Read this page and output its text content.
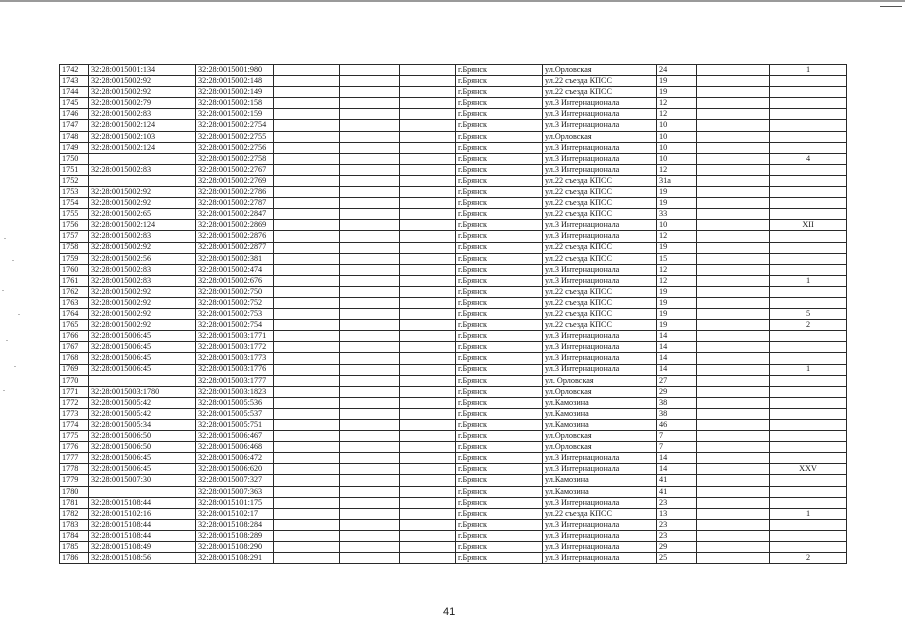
1742	32:28:0015001:134	32:28:0015001:980				г.Брянск	ул.Орловская	24		1
1743	32:28:0015002:92	32:28:0015002:148				г.Брянск	ул.22 съезда КПСС	19		
1744	32:28:0015002:92	32:28:0015002:149				г.Брянск	ул.22 съезда КПСС	19		
1745	32:28:0015002:79	32:28:0015002:158				г.Брянск	ул.3 Интернационала	12		
1746	32:28:0015002:83	32:28:0015002:159				г.Брянск	ул.3 Интернационала	12		
1747	32:28:0015002:124	32:28:0015002:2754				г.Брянск	ул.3 Интернационала	10		
1748	32:28:0015002:103	32:28:0015002:2755				г.Брянск	ул.Орловская	10		
1749	32:28:0015002:124	32:28:0015002:2756				г.Брянск	ул.3 Интернационала	10		
1750		32:28:0015002:2758				г.Брянск	ул.3 Интернационала	10		4
1751	32:28:0015002:83	32:28:0015002:2767				г.Брянск	ул.3 Интернационала	12		
1752		32:28:0015002:2769				г.Брянск	ул.22 съезда КПСС	31а		
1753	32:28:0015002:92	32:28:0015002:2786				г.Брянск	ул.22 съезда КПСС	19		
1754	32:28:0015002:92	32:28:0015002:2787				г.Брянск	ул.22 съезда КПСС	19		
1755	32:28:0015002:65	32:28:0015002:2847				г.Брянск	ул.22 съезда КПСС	33		
1756	32:28:0015002:124	32:28:0015002:2869				г.Брянск	ул.3 Интернационала	10		XII
1757	32:28:0015002:83	32:28:0015002:2876				г.Брянск	ул.3 Интернационала	12		
1758	32:28:0015002:92	32:28:0015002:2877				г.Брянск	ул.22 съезда КПСС	19		
1759	32:28:0015002:56	32:28:0015002:381				г.Брянск	ул.22 съезда КПСС	15		
1760	32:28:0015002:83	32:28:0015002:474				г.Брянск	ул.3 Интернационала	12		
1761	32:28:0015002:83	32:28:0015002:676				г.Брянск	ул.3 Интернационала	12		1
1762	32:28:0015002:92	32:28:0015002:750				г.Брянск	ул.22 съезда КПСС	19		
1763	32:28:0015002:92	32:28:0015002:752				г.Брянск	ул.22 съезда КПСС	19		
1764	32:28:0015002:92	32:28:0015002:753				г.Брянск	ул.22 съезда КПСС	19		5
1765	32:28:0015002:92	32:28:0015002:754				г.Брянск	ул.22 съезда КПСС	19		2
1766	32:28:0015006:45	32:28:0015003:1771				г.Брянск	ул.3 Интернационала	14		
1767	32:28:0015006:45	32:28:0015003:1772				г.Брянск	ул.3 Интернационала	14		
1768	32:28:0015006:45	32:28:0015003:1773				г.Брянск	ул.3 Интернационала	14		
1769	32:28:0015006:45	32:28:0015003:1776				г.Брянск	ул.3 Интернационала	14		1
1770		32:28:0015003:1777				г.Брянск	ул. Орловская	27		
1771	32:28:0015003:1780	32:28:0015003:1823				г.Брянск	ул.Орловская	29		
1772	32:28:0015005:42	32:28:0015005:536				г.Брянск	ул.Камозина	38		
1773	32:28:0015005:42	32:28:0015005:537				г.Брянск	ул.Камозина	38		
1774	32:28:0015005:34	32:28:0015005:751				г.Брянск	ул.Камозина	46		
1775	32:28:0015006:50	32:28:0015006:467				г.Брянск	ул.Орловская	7		
1776	32:28:0015006:50	32:28:0015006:468				г.Брянск	ул.Орловская	7		
1777	32:28:0015006:45	32:28:0015006:472				г.Брянск	ул.3 Интернационала	14		
1778	32:28:0015006:45	32:28:0015006:620				г.Брянск	ул.3 Интернационала	14		XXV
1779	32:28:0015007:30	32:28:0015007:327				г.Брянск	ул.Камозина	41		
1780		32:28:0015007:363				г.Брянск	ул.Камозина	41		
1781	32:28:0015108:44	32:28:0015101:175				г.Брянск	ул.3 Интернационала	23		
1782	32:28:0015102:16	32:28:0015102:17				г.Брянск	ул.22 съезда КПСС	13		1
1783	32:28:0015108:44	32:28:0015108:284				г.Брянск	ул.3 Интернационала	23		
1784	32:28:0015108:44	32:28:0015108:289				г.Брянск	ул.3 Интернационала	23		
1785	32:28:0015108:49	32:28:0015108:290				г.Брянск	ул.3 Интернационала	29		
1786	32:28:0015108:56	32:28:0015108:291				г.Брянск	ул.3 Интернационала	25		2
41
